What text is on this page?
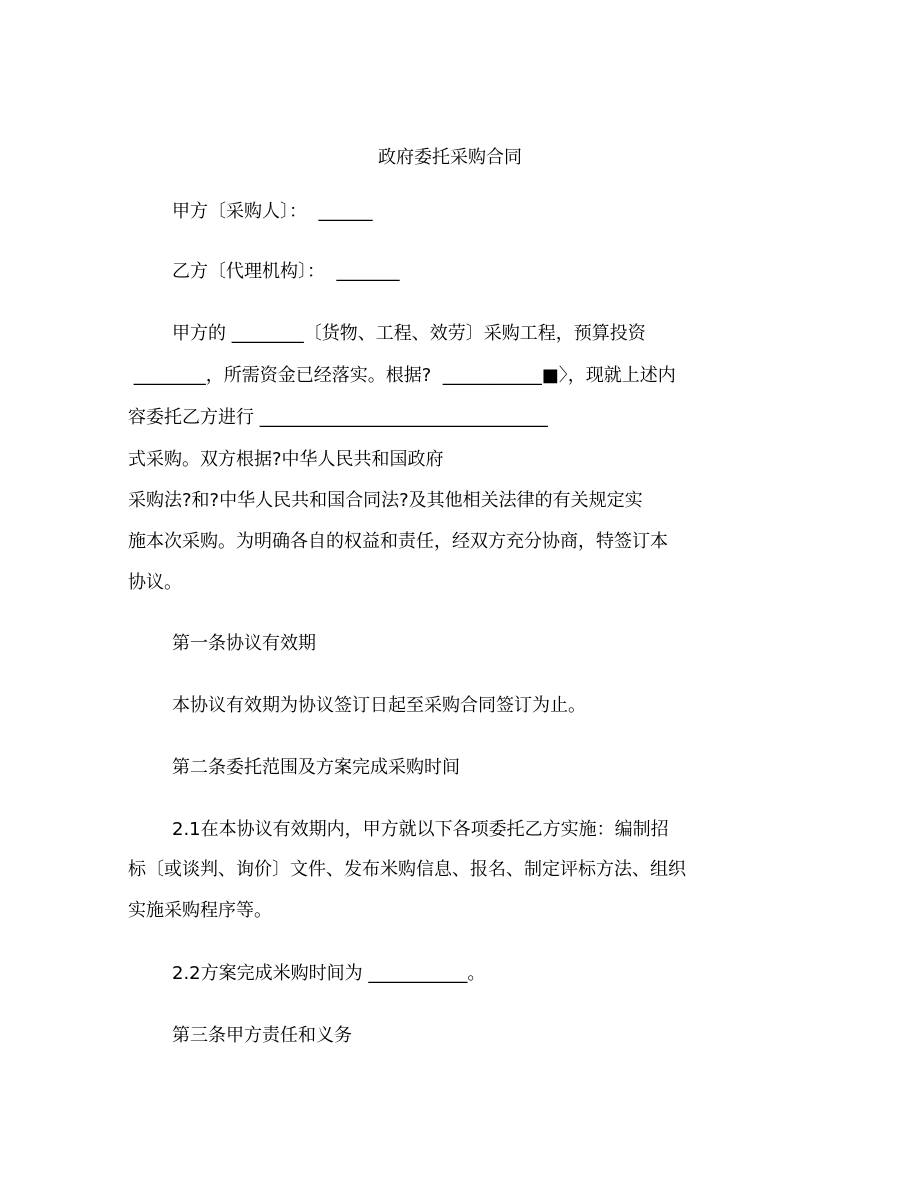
政府委托采购合同
甲方〔采购人〕：  ______
乙方〔代理机构〕：  _______
甲方的 ________〔货物、工程、效劳〕采购工程，预算投资
________，所需资金已经落实。根据?  ___________■〉，现就上述内
容委托乙方进行 ________________________________
式采购。双方根据?中华人民共和国政府
采购法?和?中华人民共和国合同法?及其他相关法律的有关规定实
施本次采购。为明确各自的权益和责任，经双方充分协商，特签订本
协议。
第一条协议有效期
本协议有效期为协议签订日起至采购合同签订为止。
第二条委托范围及方案完成采购时间
2.1在本协议有效期内，甲方就以下各项委托乙方实施：编制招
标〔或谈判、询价〕文件、发布米购信息、报名、制定评标方法、组织
实施采购程序等。
2.2方案完成米购时间为 ___________。
第三条甲方责任和义务
